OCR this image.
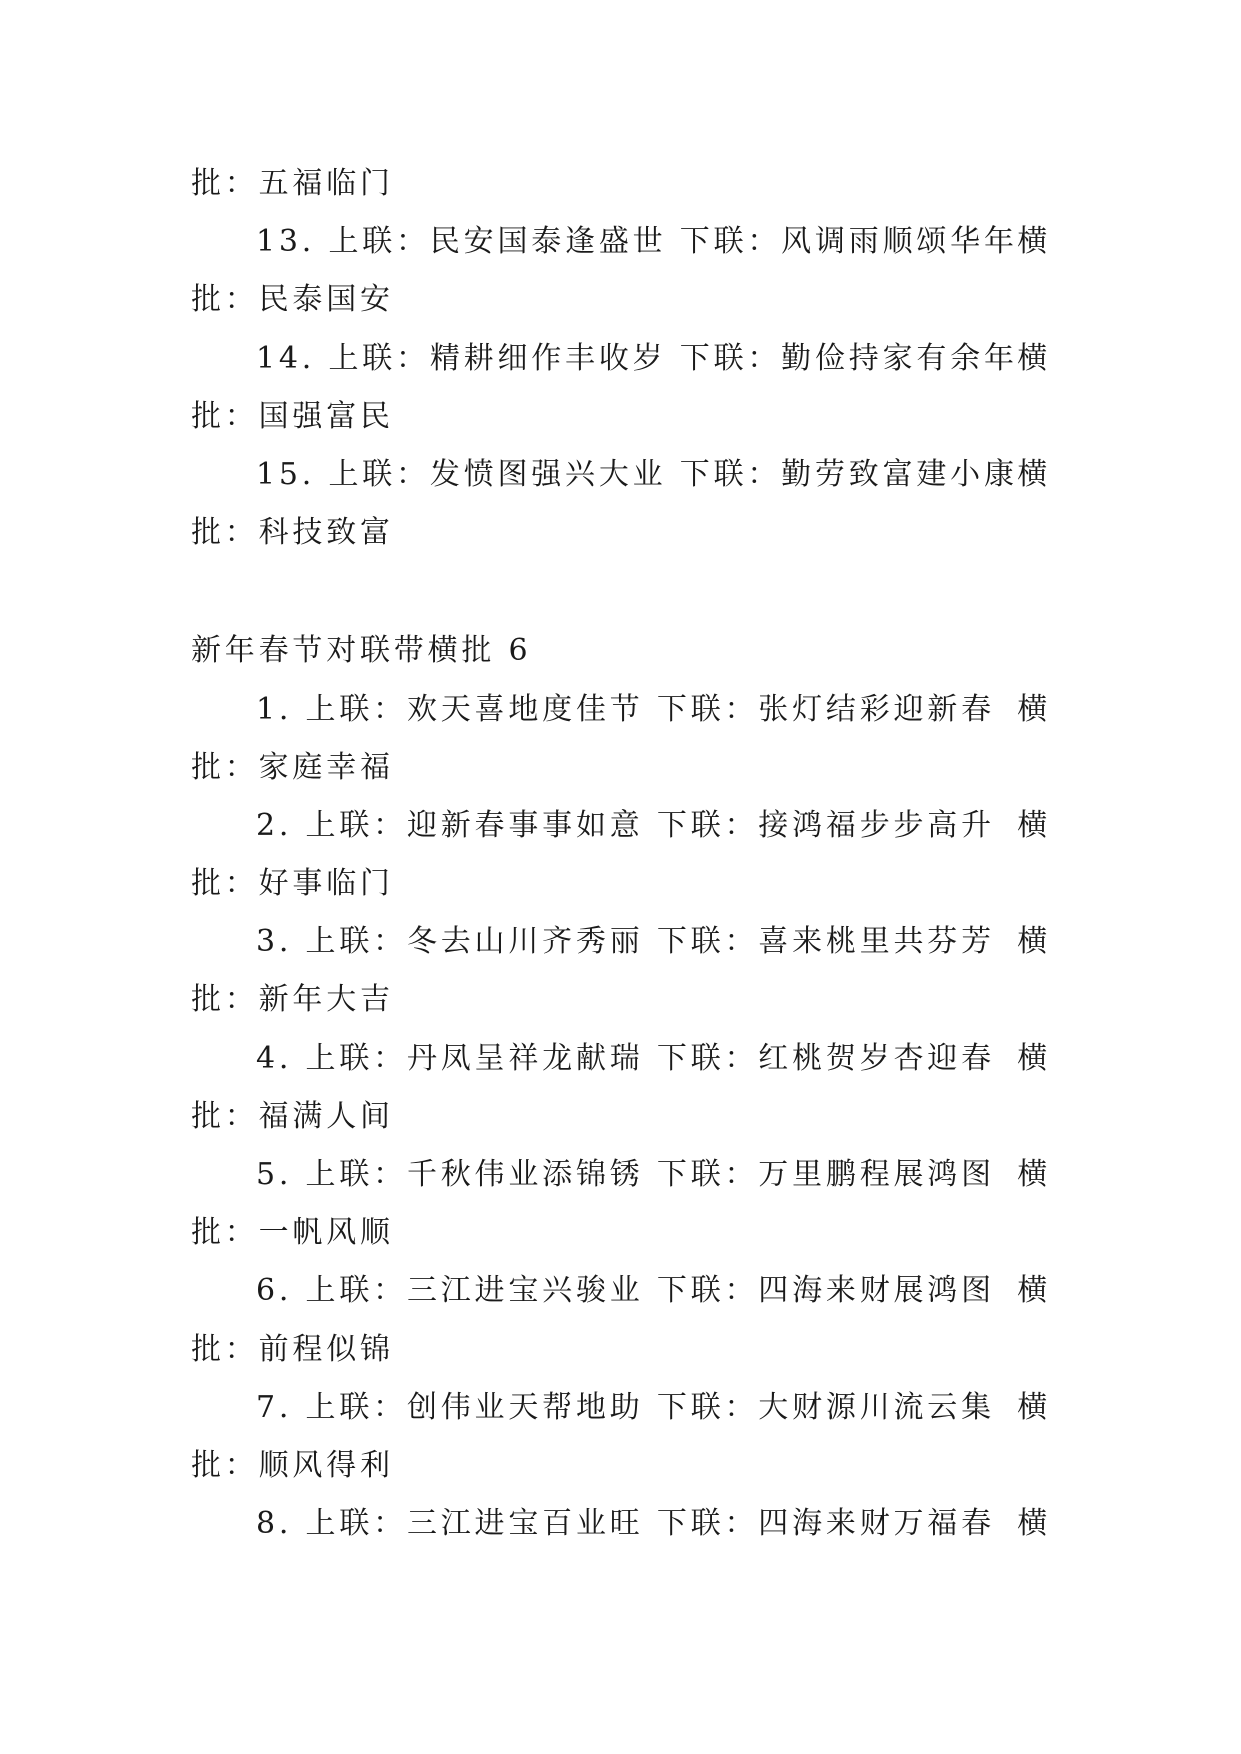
批：五福临门
13. 上联：民安国泰逢盛世 下联：风调雨顺颂华年 横
批：民泰国安
14. 上联：精耕细作丰收岁 下联：勤俭持家有余年 横
批：国强富民
15. 上联：发愤图强兴大业 下联：勤劳致富建小康 横
批：科技致富
新年春节对联带横批 6
1. 上联：欢天喜地度佳节 下联：张灯结彩迎新春 横
批：家庭幸福
2. 上联：迎新春事事如意 下联：接鸿福步步高升 横
批：好事临门
3. 上联：冬去山川齐秀丽 下联：喜来桃里共芬芳 横
批：新年大吉
4. 上联：丹凤呈祥龙献瑞 下联：红桃贺岁杏迎春 横
批：福满人间
5. 上联：千秋伟业添锦锈 下联：万里鹏程展鸿图 横
批：一帆风顺
6. 上联：三江进宝兴骏业 下联：四海来财展鸿图 横
批：前程似锦
7. 上联：创伟业天帮地助 下联：大财源川流云集 横
批：顺风得利
8. 上联：三江进宝百业旺 下联：四海来财万福春 横
